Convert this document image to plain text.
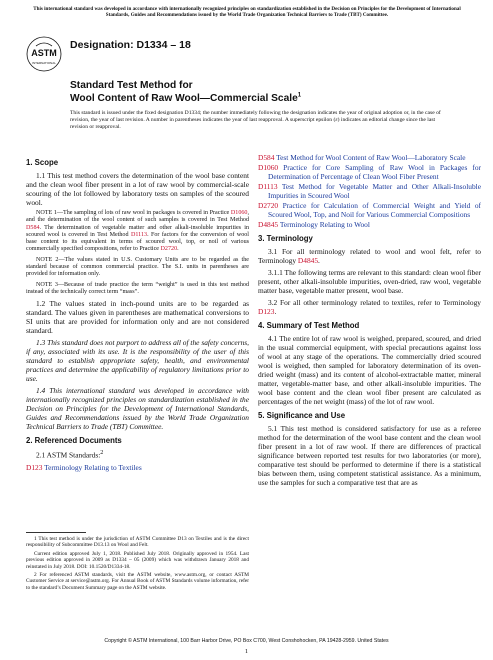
This international standard was developed in accordance with internationally recognized principles on standardization established in the Decision on Principles for the Development of International Standards, Guides and Recommendations issued by the World Trade Organization Technical Barriers to Trade (TBT) Committee.
ASTM
INTERNATIONAL
Designation: D1334 – 18
Standard Test Method for
Wool Content of Raw Wool—Commercial Scale$^1$
This standard is issued under the fixed designation D1334; the number immediately following the designation indicates the year of original adoption or, in the case of revision, the year of last revision. A number in parentheses indicates the year of last reapproval. A superscript epsilon (ε) indicates an editorial change since the last revision or reapproval.
1. Scope

1.1 This test method covers the determination of the wool base content and the clean wool fiber present in a lot of raw wool by commercial-scale scouring of the lot followed by laboratory tests on samples of the scoured wool.

NOTE 1—The sampling of lots of raw wool in packages is covered in Practice D1060, and the determination of the wool content of such samples is covered in Test Method D584. The determination of vegetable matter and other alkali-insoluble impurities in scoured wool is covered in Test Method D1113. For factors for the conversion of wool base content to its equivalent in terms of scoured wool, top, or noil of various commercially specified compositions, refer to Practice D2720.

NOTE 2—The values stated in U.S. Customary Units are to be regarded as the standard because of common commercial practice. The S.I. units in parentheses are provided for information only.

NOTE 3—Because of trade practice the term “weight” is used in this test method instead of the technically correct term “mass”.

1.2 The values stated in inch-pound units are to be regarded as standard. The values given in parentheses are mathematical conversions to SI units that are provided for information only and are not considered standard.

1.3 This standard does not purport to address all of the safety concerns, if any, associated with its use. It is the responsibility of the user of this standard to establish appropriate safety, health, and environmental practices and determine the applicability of regulatory limitations prior to use.

1.4 This international standard was developed in accordance with internationally recognized principles on standardization established in the Decision on Principles for the Development of International Standards, Guides and Recommendations issued by the World Trade Organization Technical Barriers to Trade (TBT) Committee.

2. Referenced Documents

2.1 ASTM Standards:$^2$

D123 Terminology Relating to Textiles
D584 Test Method for Wool Content of Raw Wool—Laboratory Scale
D1060 Practice for Core Sampling of Raw Wool in Packages for Determination of Percentage of Clean Wool Fiber Present
D1113 Test Method for Vegetable Matter and Other Alkali-Insoluble Impurities in Scoured Wool
D2720 Practice for Calculation of Commercial Weight and Yield of Scoured Wool, Top, and Noil for Various Commercial Compositions
D4845 Terminology Relating to Wool
3. Terminology

3.1 For all terminology related to wool and wool felt, refer to Terminology D4845.

3.1.1 The following terms are relevant to this standard: clean wool fiber present, other alkali-insoluble impurities, oven-dried, raw wool, vegetable matter base, vegetable matter present, wool base.

3.2 For all other terminology related to textiles, refer to Terminology D123.

4. Summary of Test Method

4.1 The entire lot of raw wool is weighed, prepared, scoured, and dried in the usual commercial equipment, with special precautions against loss of wool at any stage of the operations. The commercially dried scoured wool is weighed, then sampled for laboratory determination of its oven-dried weight (mass) and its content of alcohol-extractable matter, mineral matter, vegetable-matter base, and other alkali-insoluble impurities. The wool base content and the clean wool fiber present are calculated as percentages of the net weight (mass) of the lot of raw wool.

5. Significance and Use

5.1 This test method is considered satisfactory for use as a referee method for the determination of the wool base content and the clean wool fiber present in a lot of raw wool. If there are differences of practical significance between reported test results for two laboratories (or more), comparative test should be performed to determine if there is a statistical bias between them, using competent statistical assistance. As a minimum, use the samples for such a comparative test that are as

1 This test method is under the jurisdiction of ASTM Committee D13 on Textiles and is the direct responsibility of Subcommittee D13.13 on Wool and Felt.

Current edition approved July 1, 2018. Published July 2018. Originally approved in 1954. Last previous edition approved in 2009 as D1334 – 05 (2009) which was withdrawn January 2018 and reinstated in July 2018. DOI: 10.1520/D1334-18.

2 For referenced ASTM standards, visit the ASTM website, www.astm.org, or contact ASTM Customer Service at service@astm.org. For Annual Book of ASTM Standards volume information, refer to the standard’s Document Summary page on the ASTM website.

Copyright © ASTM International, 100 Barr Harbor Drive, PO Box C700, West Conshohocken, PA 19428-2959. United States
1
